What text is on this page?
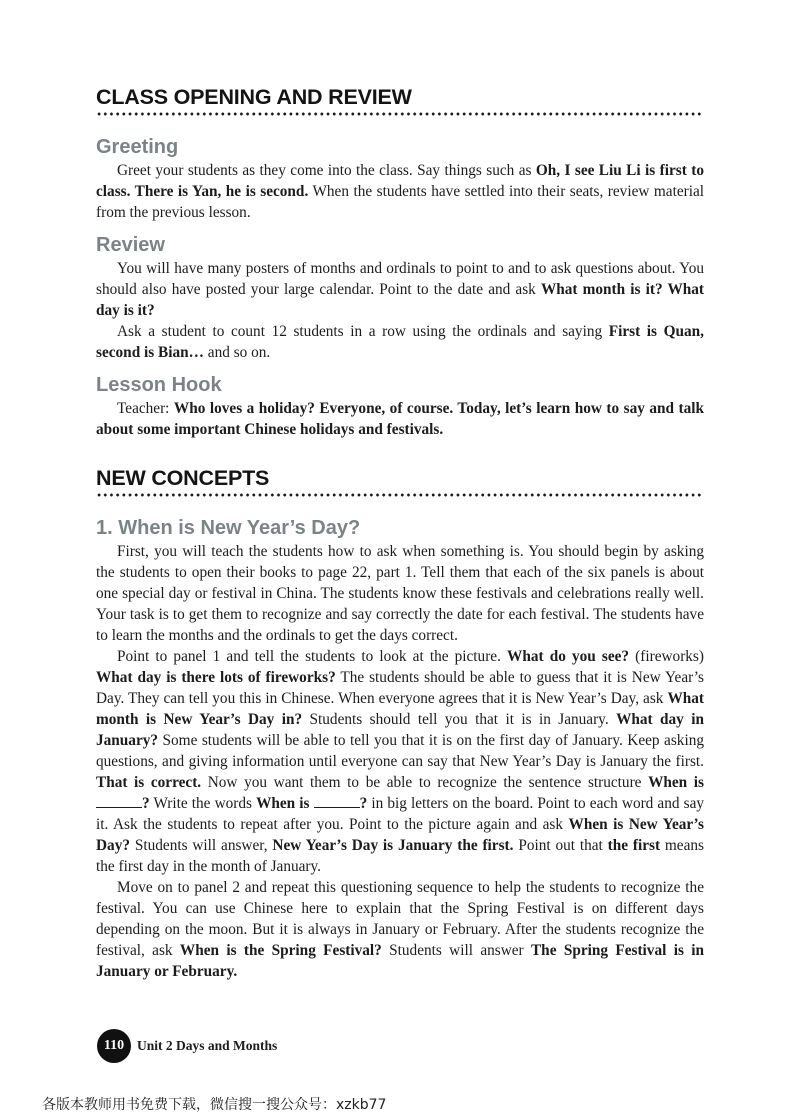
CLASS OPENING AND REVIEW
Greeting

Greet your students as they come into the class. Say things such as Oh, I see Liu Li is first to class. There is Yan, he is second. When the students have settled into their seats, review material from the previous lesson.

Review

You will have many posters of months and ordinals to point to and to ask questions about. You should also have posted your large calendar. Point to the date and ask What month is it? What day is it?

Ask a student to count 12 students in a row using the ordinals and saying First is Quan, second is Bian… and so on.

Lesson Hook

Teacher: Who loves a holiday? Everyone, of course. Today, let’s learn how to say and talk about some important Chinese holidays and festivals.

NEW CONCEPTS
1. When is New Year’s Day?

First, you will teach the students how to ask when something is. You should begin by asking the students to open their books to page 22, part 1. Tell them that each of the six panels is about one special day or festival in China. The students know these festivals and celebrations really well. Your task is to get them to recognize and say correctly the date for each festival. The students have to learn the months and the ordinals to get the days correct.

Point to panel 1 and tell the students to look at the picture. What do you see? (fireworks) What day is there lots of fireworks? The students should be able to guess that it is New Year’s Day. They can tell you this in Chinese. When everyone agrees that it is New Year’s Day, ask What month is New Year’s Day in? Students should tell you that it is in January. What day in January? Some students will be able to tell you that it is on the first day of January. Keep asking questions, and giving information until everyone can say that New Year’s Day is January the first. That is correct. Now you want them to be able to recognize the sentence structure When is ? Write the words When is	? in big letters on the board. Point to each word and say it. Ask the students to repeat after you. Point to the picture again and ask When is New Year’s Day? Students will answer, New Year’s Day is January the first. Point out that the first means the first day in the month of January.

Move on to panel 2 and repeat this questioning sequence to help the students to recognize the festival. You can use Chinese here to explain that the Spring Festival is on different days depending on the moon. But it is always in January or February. After the students recognize the festival, ask When is the Spring Festival? Students will answer The Spring Festival is in January or February.

110 Unit 2 Days and Months
各版本教师用书免费下载，微信搜一搜公众号：xzkb77
